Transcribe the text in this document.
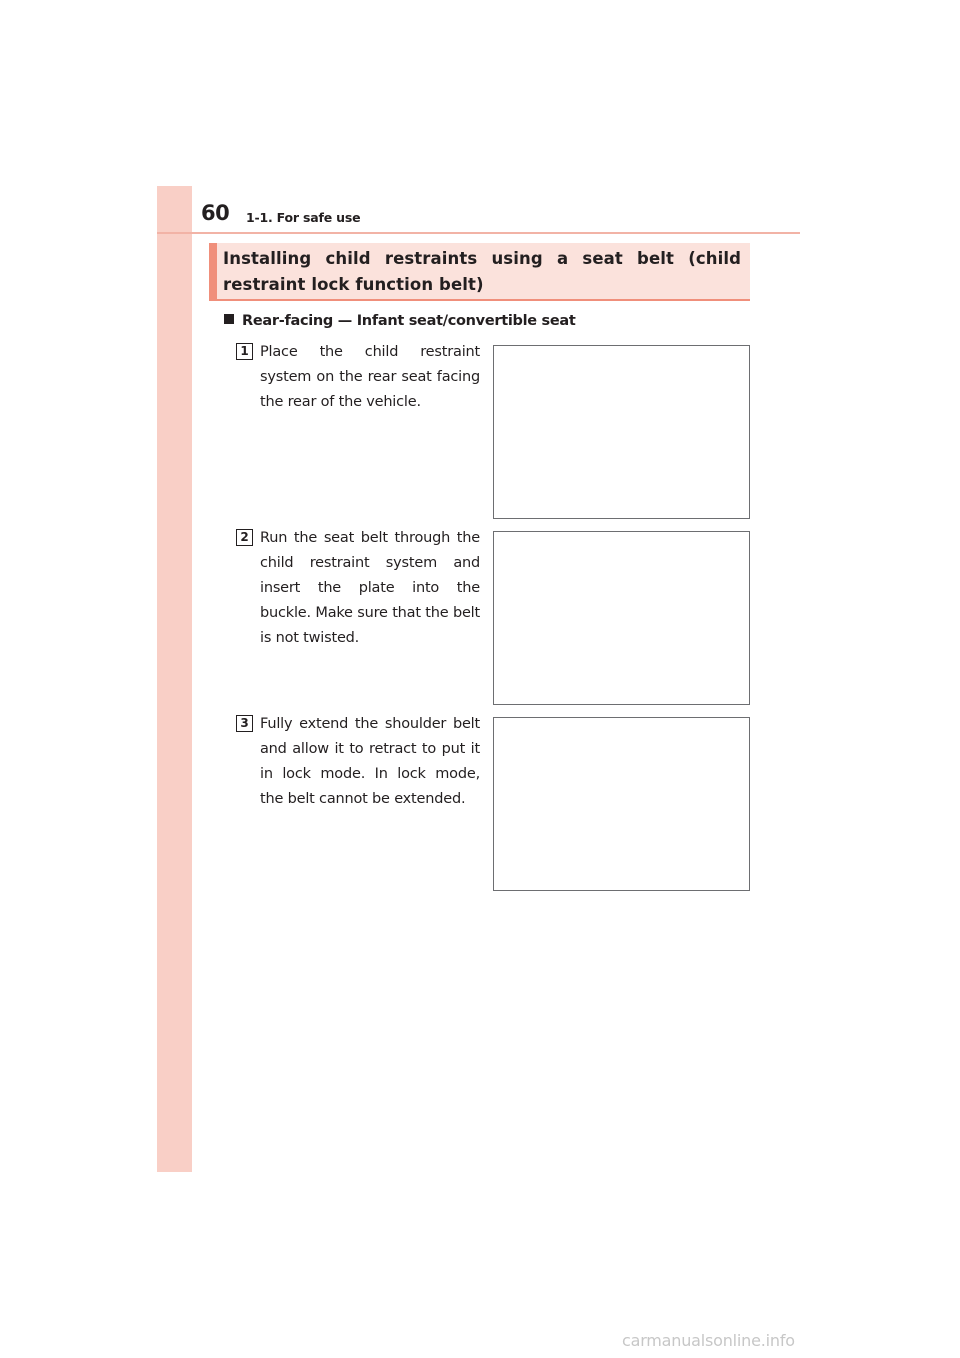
60 1-1. For safe use

Installing child restraints using a seat belt (child restraint lock function belt)

Rear-facing — Infant seat/convertible seat
1 Place the child restraint system on the rear seat facing the rear of the vehicle.

2 Run the seat belt through the child restraint system and insert the plate into the buckle. Make sure that the belt is not twisted.

3 Fully extend the shoulder belt and allow it to retract to put it in lock mode. In lock mode, the belt cannot be extended.

carmanualsonline.info
